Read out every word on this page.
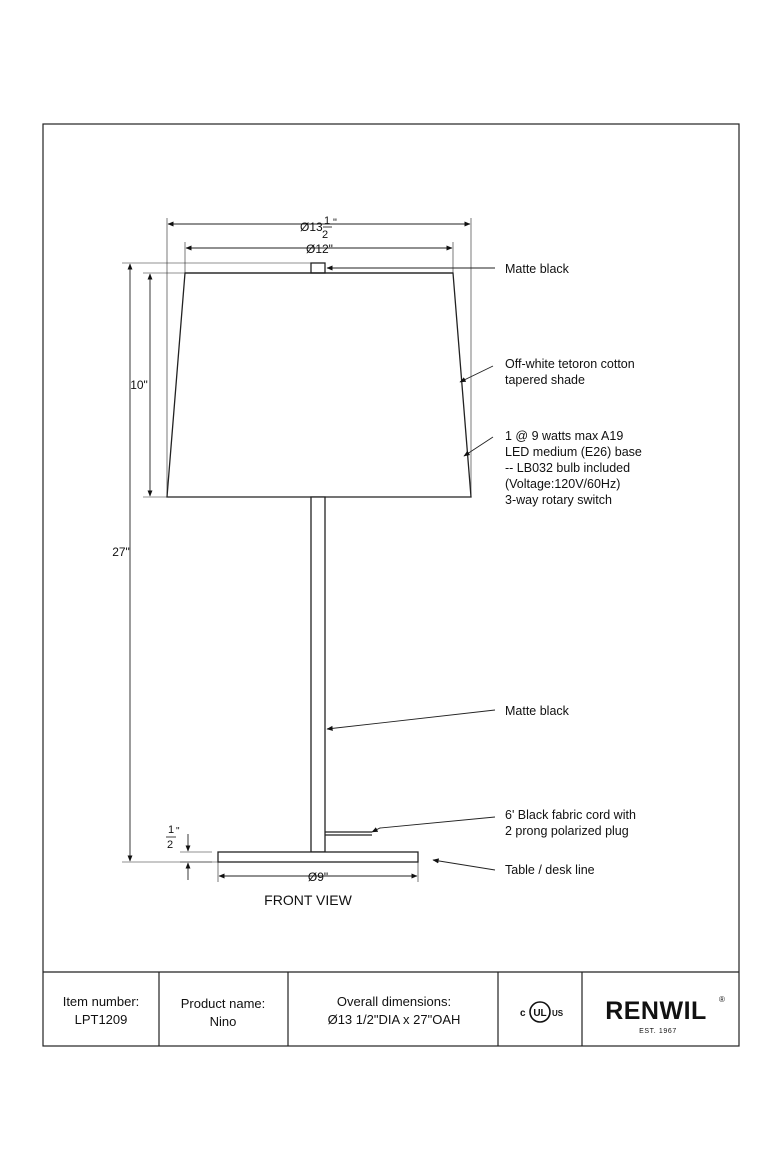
Ø13 1
2
"
Ø12"
10"
27"
1
2
"
Ø9"
FRONT VIEW
Matte black
Off-white tetoron cotton
tapered shade
1 @ 9 watts max A19
LED medium (E26) base
-- LB032 bulb included
(Voltage:120V/60Hz)
3-way rotary switch
Matte black
6' Black fabric cord with
2 prong polarized plug
Table / desk line
Item number:
LPT1209
Product name:
Nino
Overall dimensions:
Ø13 1/2"DIA x 27"OAH	c UL US RENWIL ®
EST. 1967
